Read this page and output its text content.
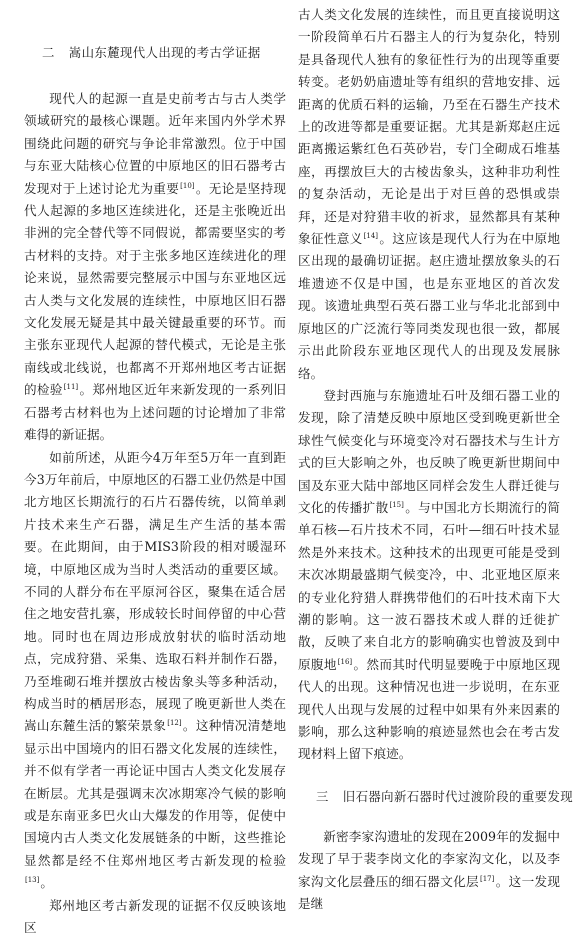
二 嵩山东麓现代人出现的考古学证据

现代人的起源一直是史前考古与古人类学领域研究的最核心课题。近年来国内外学术界围绕此问题的研究与争论非常激烈。位于中国与东亚大陆核心位置的中原地区的旧石器考古发现对于上述讨论尤为重要[10]。无论是坚持现代人起源的多地区连续进化，还是主张晚近出非洲的完全替代等不同假说，都需要坚实的考古材料的支持。对于主张多地区连续进化的理论来说，显然需要完整展示中国与东亚地区远古人类与文化发展的连续性，中原地区旧石器文化发展无疑是其中最关键最重要的环节。而主张东亚现代人起源的替代模式，无论是主张南线或北线说，也都离不开郑州地区考古证据的检验[11]。郑州地区近年来新发现的一系列旧石器考古材料也为上述问题的讨论增加了非常难得的新证据。

如前所述，从距今4万年至5万年一直到距今3万年前后，中原地区的石器工业仍然是中国北方地区长期流行的石片石器传统，以简单剥片技术来生产石器，满足生产生活的基本需要。在此期间，由于MIS3阶段的相对暖湿环境，中原地区成为当时人类活动的重要区域。不同的人群分布在平原河谷区，聚集在适合居住之地安营扎寨，形成较长时间停留的中心营地。同时也在周边形成放射状的临时活动地点，完成狩猎、采集、选取石料并制作石器，乃至堆砌石堆并摆放古棱齿象头等多种活动，构成当时的栖居形态，展现了晚更新世人类在嵩山东麓生活的繁荣景象[12]。这种情况清楚地显示出中国境内的旧石器文化发展的连续性，并不似有学者一再论证中国古人类文化发展存在断层。尤其是强调末次冰期寒冷气候的影响或是东南亚多巴火山大爆发的作用等，促使中国境内古人类文化发展链条的中断，这些推论显然都是经不住郑州地区考古新发现的检验[13]。

郑州地区考古新发现的证据不仅反映该地区

古人类文化发展的连续性，而且更直接说明这一阶段简单石片石器主人的行为复杂化，特别是具备现代人独有的象征性行为的出现等重要转变。老奶奶庙遗址等有组织的营地安排、远距离的优质石料的运输，乃至在石器生产技术上的改进等都是重要证据。尤其是新郑赵庄远距离搬运紫红色石英砂岩，专门全砌成石堆基座，再摆放巨大的古棱齿象头，这种非功利性的复杂活动，无论是出于对巨兽的恐惧或崇拜，还是对狩猎丰收的祈求，显然都具有某种象征性意义[14]。这应该是现代人行为在中原地区出现的最确切证据。赵庄遗址摆放象头的石堆遗迹不仅是中国，也是东亚地区的首次发现。该遗址典型石英石器工业与华北北部到中原地区的广泛流行等同类发现也很一致，都展示出此阶段东亚地区现代人的出现及发展脉络。

登封西施与东施遗址石叶及细石器工业的发现，除了清楚反映中原地区受到晚更新世全球性气候变化与环境变冷对石器技术与生计方式的巨大影响之外，也反映了晚更新世期间中国及东亚大陆中部地区同样会发生人群迁徙与文化的传播扩散[15]。与中国北方长期流行的简单石核—石片技术不同，石叶—细石叶技术显然是外来技术。这种技术的出现更可能是受到末次冰期最盛期气候变冷，中、北亚地区原来的专业化狩猎人群携带他们的石叶技术南下大潮的影响。这一波石器技术或人群的迁徙扩散，反映了来自北方的影响确实也曾波及到中原腹地[16]。然而其时代明显要晚于中原地区现代人的出现。这种情况也进一步说明，在东亚现代人出现与发展的过程中如果有外来因素的影响，那么这种影响的痕迹显然也会在考古发现材料上留下痕迹。

三 旧石器向新石器时代过渡阶段的重要发现

新密李家沟遗址的发现在2009年的发掘中发现了早于裴李岗文化的李家沟文化，以及李家沟文化层叠压的细石器文化层[17]。这一发现是继
